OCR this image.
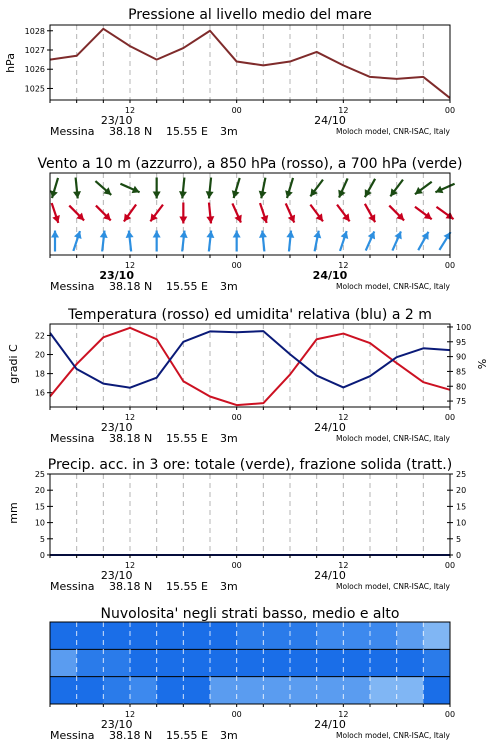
Pressione al livello medio del mare
hPa
1025
1026
1027
1028
12	00	12	00
23/10	24/10
Messina 38.18 N 15.55 E 3m	Moloch model, CNR-ISAC, Italy
Vento a 10 m (azzurro), a 850 hPa (rosso), a 700 hPa (verde)
12	00	12	00
23/10	24/10
Messina 38.18 N 15.55 E 3m	Moloch model, CNR-ISAC, Italy
Temperatura (rosso) ed umidita' relativa (blu) a 2 m
gradi C	%
16
18
20
22
75
80
85
90
95
100
12	00	12	00
23/10	24/10
Messina 38.18 N 15.55 E 3m	Moloch model, CNR-ISAC, Italy
Precip. acc. in 3 ore: totale (verde), frazione solida (tratt.)
mm
0
5
10
15
20
25
0
5
10
15
20
25
12	00	12	00
23/10	24/10
Messina 38.18 N 15.55 E 3m	Moloch model, CNR-ISAC, Italy
Nuvolosita' negli strati basso, medio e alto
12	00	12	00
23/10	24/10
Messina 38.18 N 15.55 E 3m	Moloch model, CNR-ISAC, Italy
